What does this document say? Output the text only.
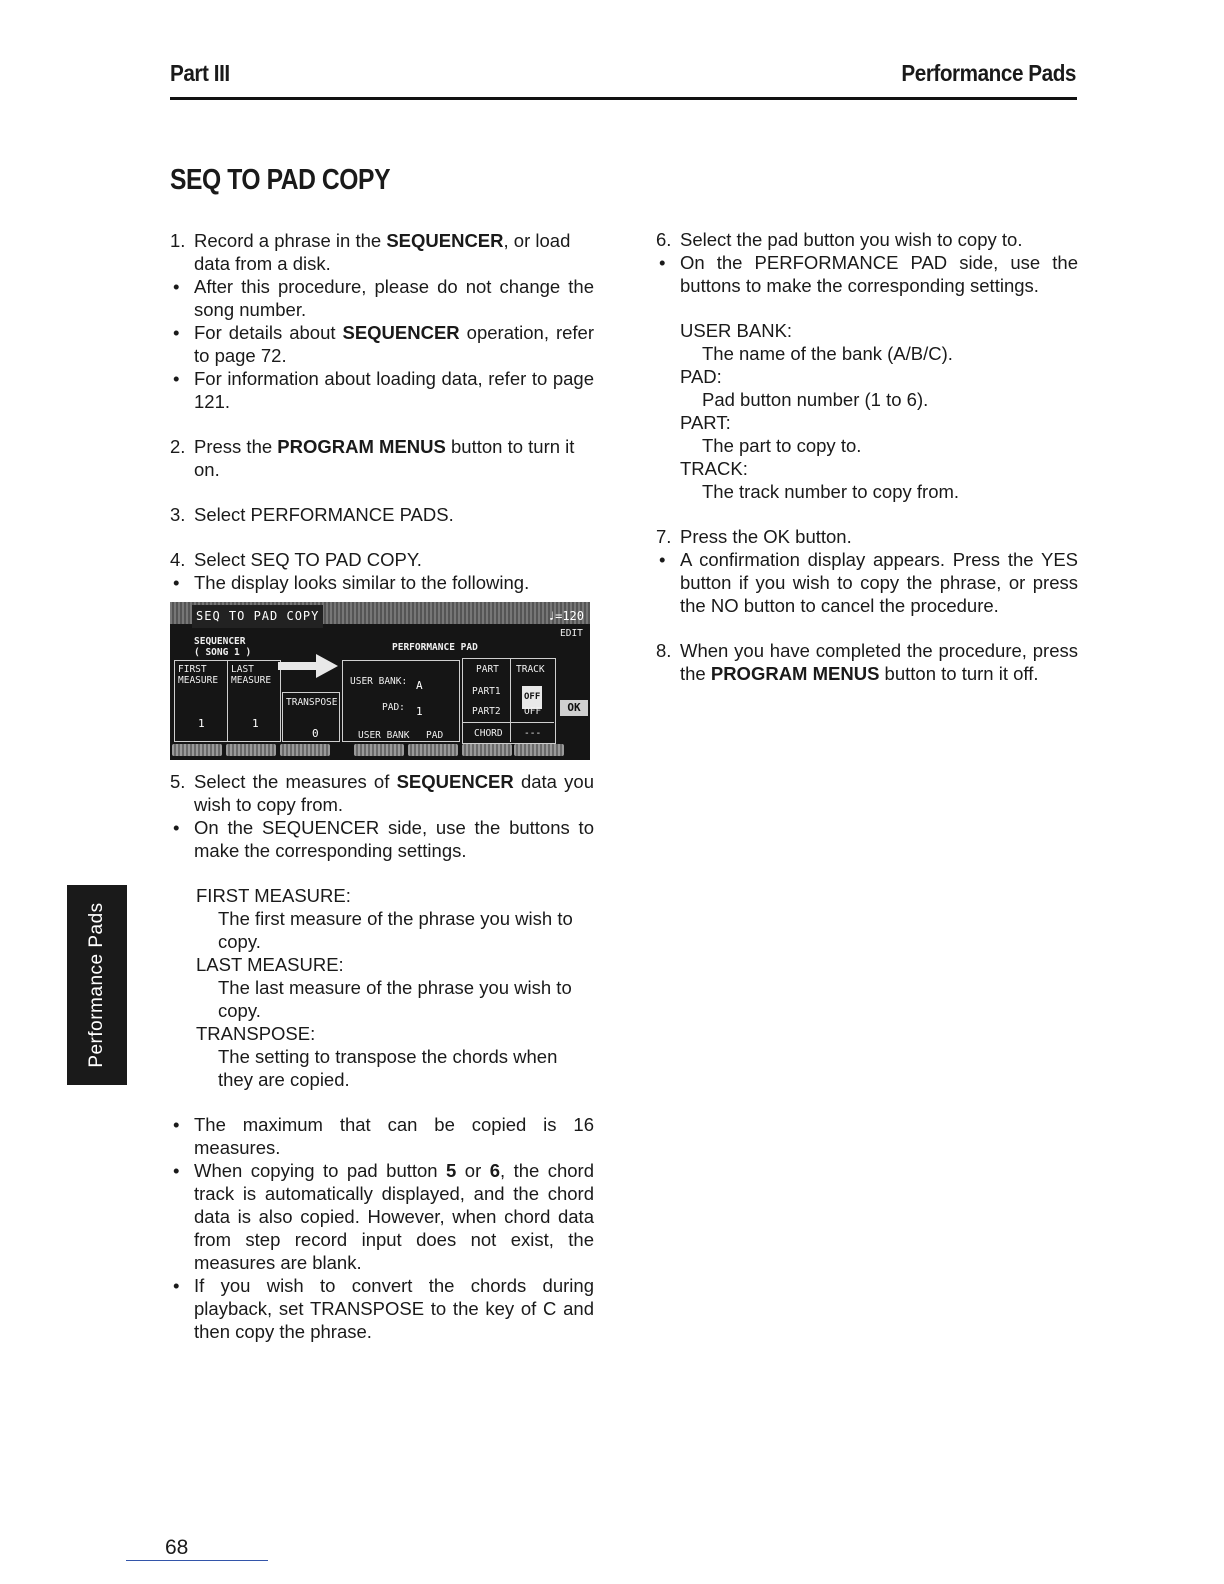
Part III	Performance Pads
SEQ TO PAD COPY

1. Record a phrase in the SEQUENCER, or load data from a disk.

• After this procedure, please do not change the song number.

• For details about SEQUENCER operation, refer to page 72.

• For information about loading data, refer to page 121.

2. Press the PROGRAM MENUS button to turn it on.

3. Select PERFORMANCE PADS.

4. Select SEQ TO PAD COPY.

• The display looks similar to the following.

SEQ TO PAD COPY	♩=120
EDIT
SEQUENCER
( SONG 1 )	PERFORMANCE PAD
FIRST
MEASURE
LAST
MEASURE
1	1
TRANSPOSE
0
USER BANK: A
PAD: 1
USER BANK PAD
PART TRACK
PART1	OFF
PART2 OFF
CHORD ---
OK

5. Select the measures of SEQUENCER data you wish to copy from.

• On the SEQUENCER side, use the buttons to make the corresponding settings.

FIRST MEASURE:

The first measure of the phrase you wish to copy.

LAST MEASURE:

The last measure of the phrase you wish to copy.

TRANSPOSE:

The setting to transpose the chords when they are copied.

• The maximum that can be copied is 16 measures.

• When copying to pad button 5 or 6, the chord track is automatically displayed, and the chord data is also copied. However, when chord data from step record input does not exist, the measures are blank.

• If you wish to convert the chords during playback, set TRANSPOSE to the key of C and then copy the phrase.

6. Select the pad button you wish to copy to.

• On the PERFORMANCE PAD side, use the buttons to make the corresponding settings.

USER BANK:

The name of the bank (A/B/C).

PAD:

Pad button number (1 to 6).

PART:

The part to copy to.

TRACK:

The track number to copy from.

7. Press the OK button.

• A confirmation display appears. Press the YES button if you wish to copy the phrase, or press the NO button to cancel the procedure.

8. When you have completed the procedure, press the PROGRAM MENUS button to turn it off.

Performance Pads
68
